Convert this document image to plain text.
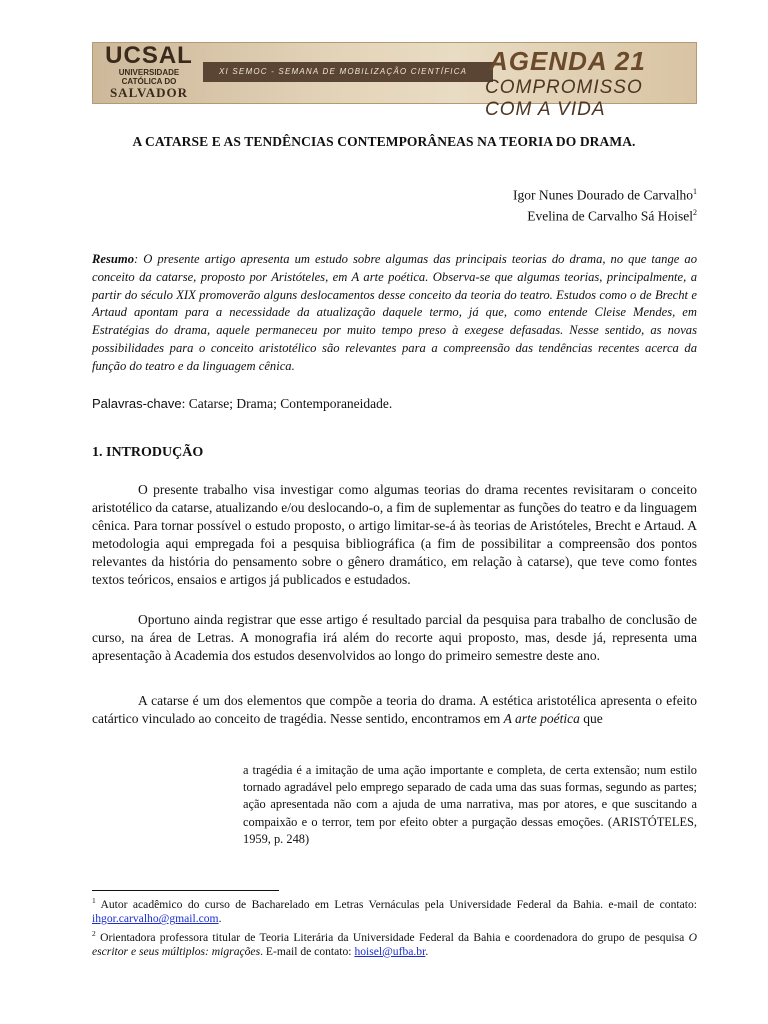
UCSAL
UNIVERSIDADE
CATÓLICA DO
SALVADOR
XI SEMOC - SEMANA DE MOBILIZAÇÃO CIENTÍFICA AGENDA 21
COMPROMISSO COM A VIDA
A CATARSE E AS TENDÊNCIAS CONTEMPORÂNEAS NA TEORIA DO DRAMA.
Igor Nunes Dourado de Carvalho$^1$
Evelina de Carvalho Sá Hoisel$^2$
Resumo: O presente artigo apresenta um estudo sobre algumas das principais teorias do drama, no que tange ao conceito da catarse, proposto por Aristóteles, em A arte poética. Observa-se que algumas teorias, principalmente, a partir do século XIX promoverão alguns deslocamentos desse conceito da teoria do teatro. Estudos como o de Brecht e Artaud apontam para a necessidade da atualização daquele termo, já que, como entende Cleise Mendes, em Estratégias do drama, aquele permaneceu por muito tempo preso à exegese defasadas. Nesse sentido, as novas possibilidades para o conceito aristotélico são relevantes para a compreensão das tendências recentes acerca da função do teatro e da linguagem cênica.
Palavras-chave: Catarse; Drama; Contemporaneidade.
1. INTRODUÇÃO
O presente trabalho visa investigar como algumas teorias do drama recentes revisitaram o conceito aristotélico da catarse, atualizando e/ou deslocando-o, a fim de suplementar as funções do teatro e da linguagem cênica. Para tornar possível o estudo proposto, o artigo limitar-se-á às teorias de Aristóteles, Brecht e Artaud. A metodologia aqui empregada foi a pesquisa bibliográfica (a fim de possibilitar a compreensão dos pontos relevantes da história do pensamento sobre o gênero dramático, em relação à catarse), que teve como fontes textos teóricos, ensaios e artigos já publicados e estudados.
Oportuno ainda registrar que esse artigo é resultado parcial da pesquisa para trabalho de conclusão de curso, na área de Letras. A monografia irá além do recorte aqui proposto, mas, desde já, representa uma apresentação à Academia dos estudos desenvolvidos ao longo do primeiro semestre deste ano.
A catarse é um dos elementos que compõe a teoria do drama. A estética aristotélica apresenta o efeito catártico vinculado ao conceito de tragédia. Nesse sentido, encontramos em A arte poética que
a tragédia é a imitação de uma ação importante e completa, de certa extensão; num estilo tornado agradável pelo emprego separado de cada uma das suas formas, segundo as partes; ação apresentada não com a ajuda de uma narrativa, mas por atores, e que suscitando a compaixão e o terror, tem por efeito obter a purgação dessas emoções. (ARISTÓTELES, 1959, p. 248)
$^1$ Autor acadêmico do curso de Bacharelado em Letras Vernáculas pela Universidade Federal da Bahia. e-mail de contato: ihgor.carvalho@gmail.com.
$^2$ Orientadora professora titular de Teoria Literária da Universidade Federal da Bahia e coordenadora do grupo de pesquisa O escritor e seus múltiplos: migrações. E-mail de contato: hoisel@ufba.br.
